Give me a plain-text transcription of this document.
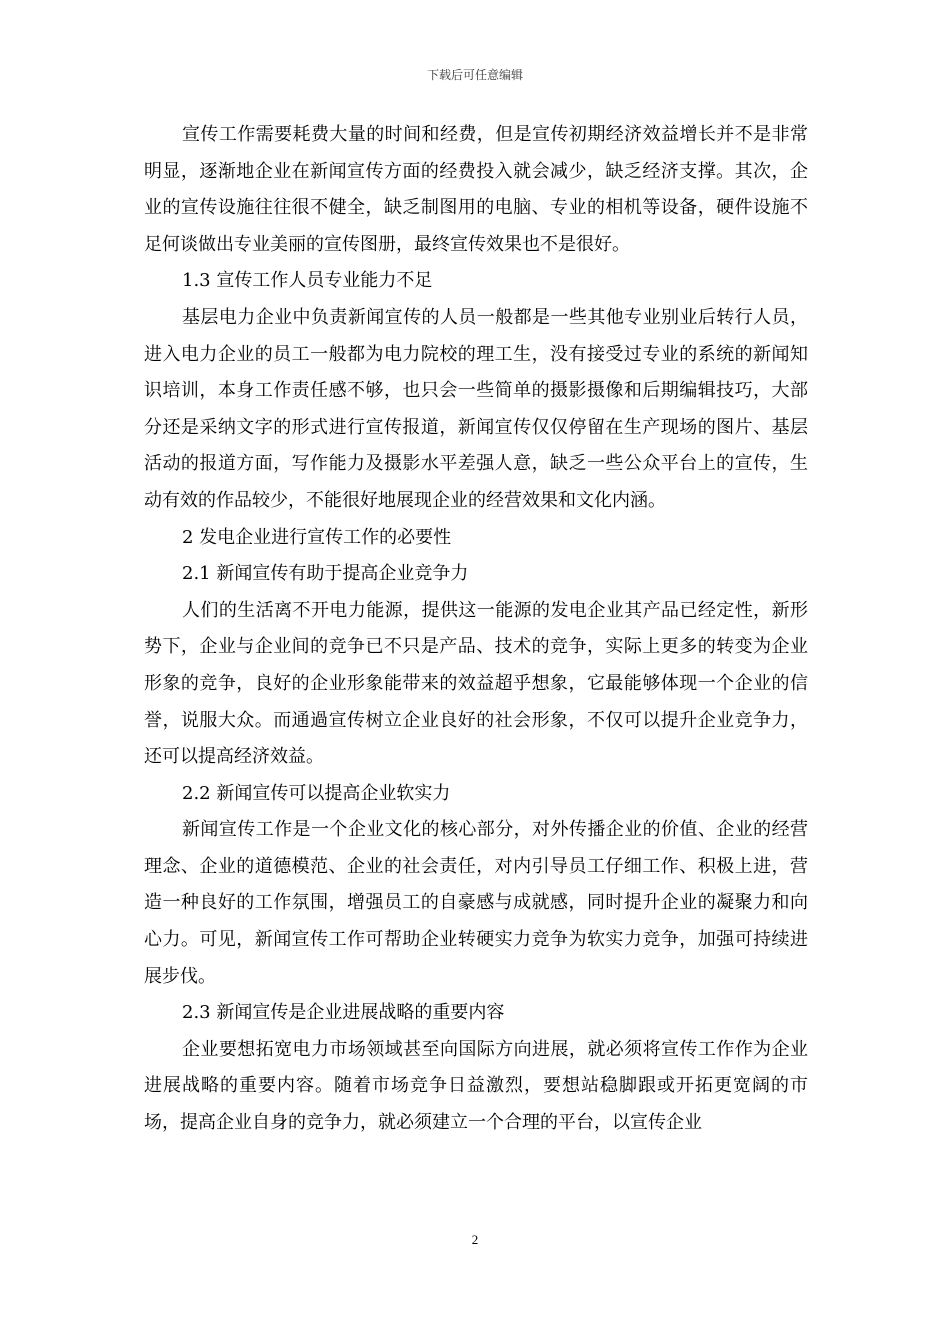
下载后可任意编辑

宣传工作需要耗费大量的时间和经费，但是宣传初期经济效益增长并不是非常明显，逐渐地企业在新闻宣传方面的经费投入就会减少，缺乏经济支撑。其次，企业的宣传设施往往很不健全，缺乏制图用的电脑、专业的相机等设备，硬件设施不足何谈做出专业美丽的宣传图册，最终宣传效果也不是很好。

1.3 宣传工作人员专业能力不足

基层电力企业中负责新闻宣传的人员一般都是一些其他专业别业后转行人员，进入电力企业的员工一般都为电力院校的理工生，没有接受过专业的系统的新闻知识培训，本身工作责任感不够，也只会一些简单的摄影摄像和后期编辑技巧，大部分还是采纳文字的形式进行宣传报道，新闻宣传仅仅停留在生产现场的图片、基层活动的报道方面，写作能力及摄影水平差强人意，缺乏一些公众平台上的宣传，生动有效的作品较少，不能很好地展现企业的经营效果和文化内涵。

2 发电企业进行宣传工作的必要性

2.1 新闻宣传有助于提高企业竞争力

人们的生活离不开电力能源，提供这一能源的发电企业其产品已经定性，新形势下，企业与企业间的竞争已不只是产品、技术的竞争，实际上更多的转变为企业形象的竞争，良好的企业形象能带来的效益超乎想象，它最能够体现一个企业的信誉，说服大众。而通過宣传树立企业良好的社会形象，不仅可以提升企业竞争力，还可以提高经济效益。

2.2 新闻宣传可以提高企业软实力

新闻宣传工作是一个企业文化的核心部分，对外传播企业的价值、企业的经营理念、企业的道德模范、企业的社会责任，对内引导员工仔细工作、积极上进，营造一种良好的工作氛围，增强员工的自豪感与成就感，同时提升企业的凝聚力和向心力。可见，新闻宣传工作可帮助企业转硬实力竞争为软实力竞争，加强可持续进展步伐。

2.3 新闻宣传是企业进展战略的重要内容

企业要想拓宽电力市场领域甚至向国际方向进展，就必须将宣传工作作为企业进展战略的重要内容。随着市场竞争日益激烈，要想站稳脚跟或开拓更宽阔的市场，提高企业自身的竞争力，就必须建立一个合理的平台，以宣传企业

2
